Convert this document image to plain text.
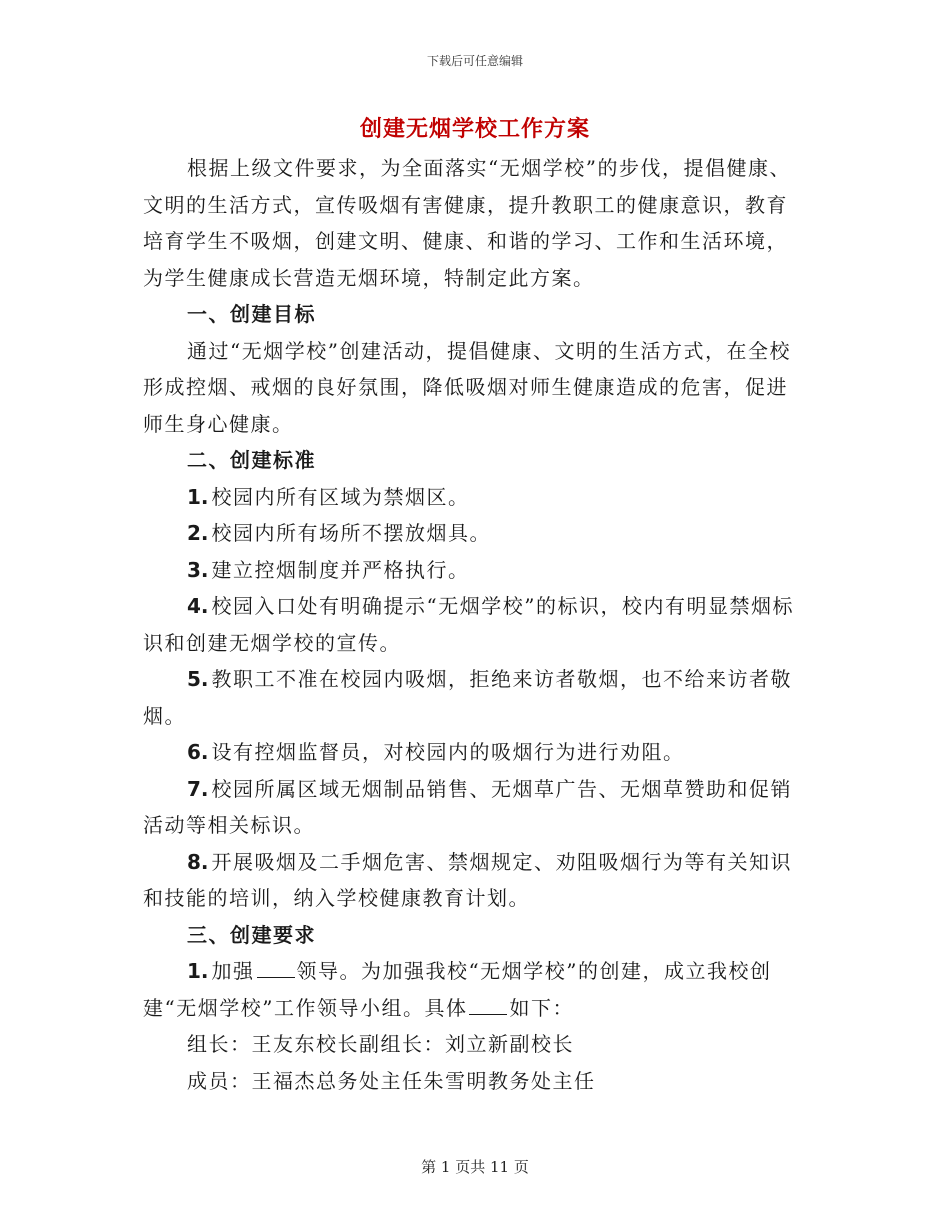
下载后可任意编辑
创建无烟学校工作方案

根据上级文件要求，为全面落实“无烟学校”的步伐，提倡健康、文明的生活方式，宣传吸烟有害健康，提升教职工的健康意识，教育培育学生不吸烟，创建文明、健康、和谐的学习、工作和生活环境，为学生健康成长营造无烟环境，特制定此方案。

一、创建目标

通过“无烟学校”创建活动，提倡健康、文明的生活方式，在全校形成控烟、戒烟的良好氛围，降低吸烟对师生健康造成的危害，促进师生身心健康。

二、创建标准

1. 校园内所有区域为禁烟区。

2. 校园内所有场所不摆放烟具。

3. 建立控烟制度并严格执行。

4. 校园入口处有明确提示“无烟学校”的标识，校内有明显禁烟标识和创建无烟学校的宣传。

5. 教职工不准在校园内吸烟，拒绝来访者敬烟，也不给来访者敬烟。

6. 设有控烟监督员，对校园内的吸烟行为进行劝阻。

7. 校园所属区域无烟制品销售、无烟草广告、无烟草赞助和促销活动等相关标识。

8. 开展吸烟及二手烟危害、禁烟规定、劝阻吸烟行为等有关知识和技能的培训，纳入学校健康教育计划。

三、创建要求

1. 加强 领导。为加强我校“无烟学校”的创建，成立我校创建“无烟学校”工作领导小组。具体 如下：

组长：王友东校长副组长：刘立新副校长

成员：王福杰总务处主任朱雪明教务处主任

第 1 页共 11 页
